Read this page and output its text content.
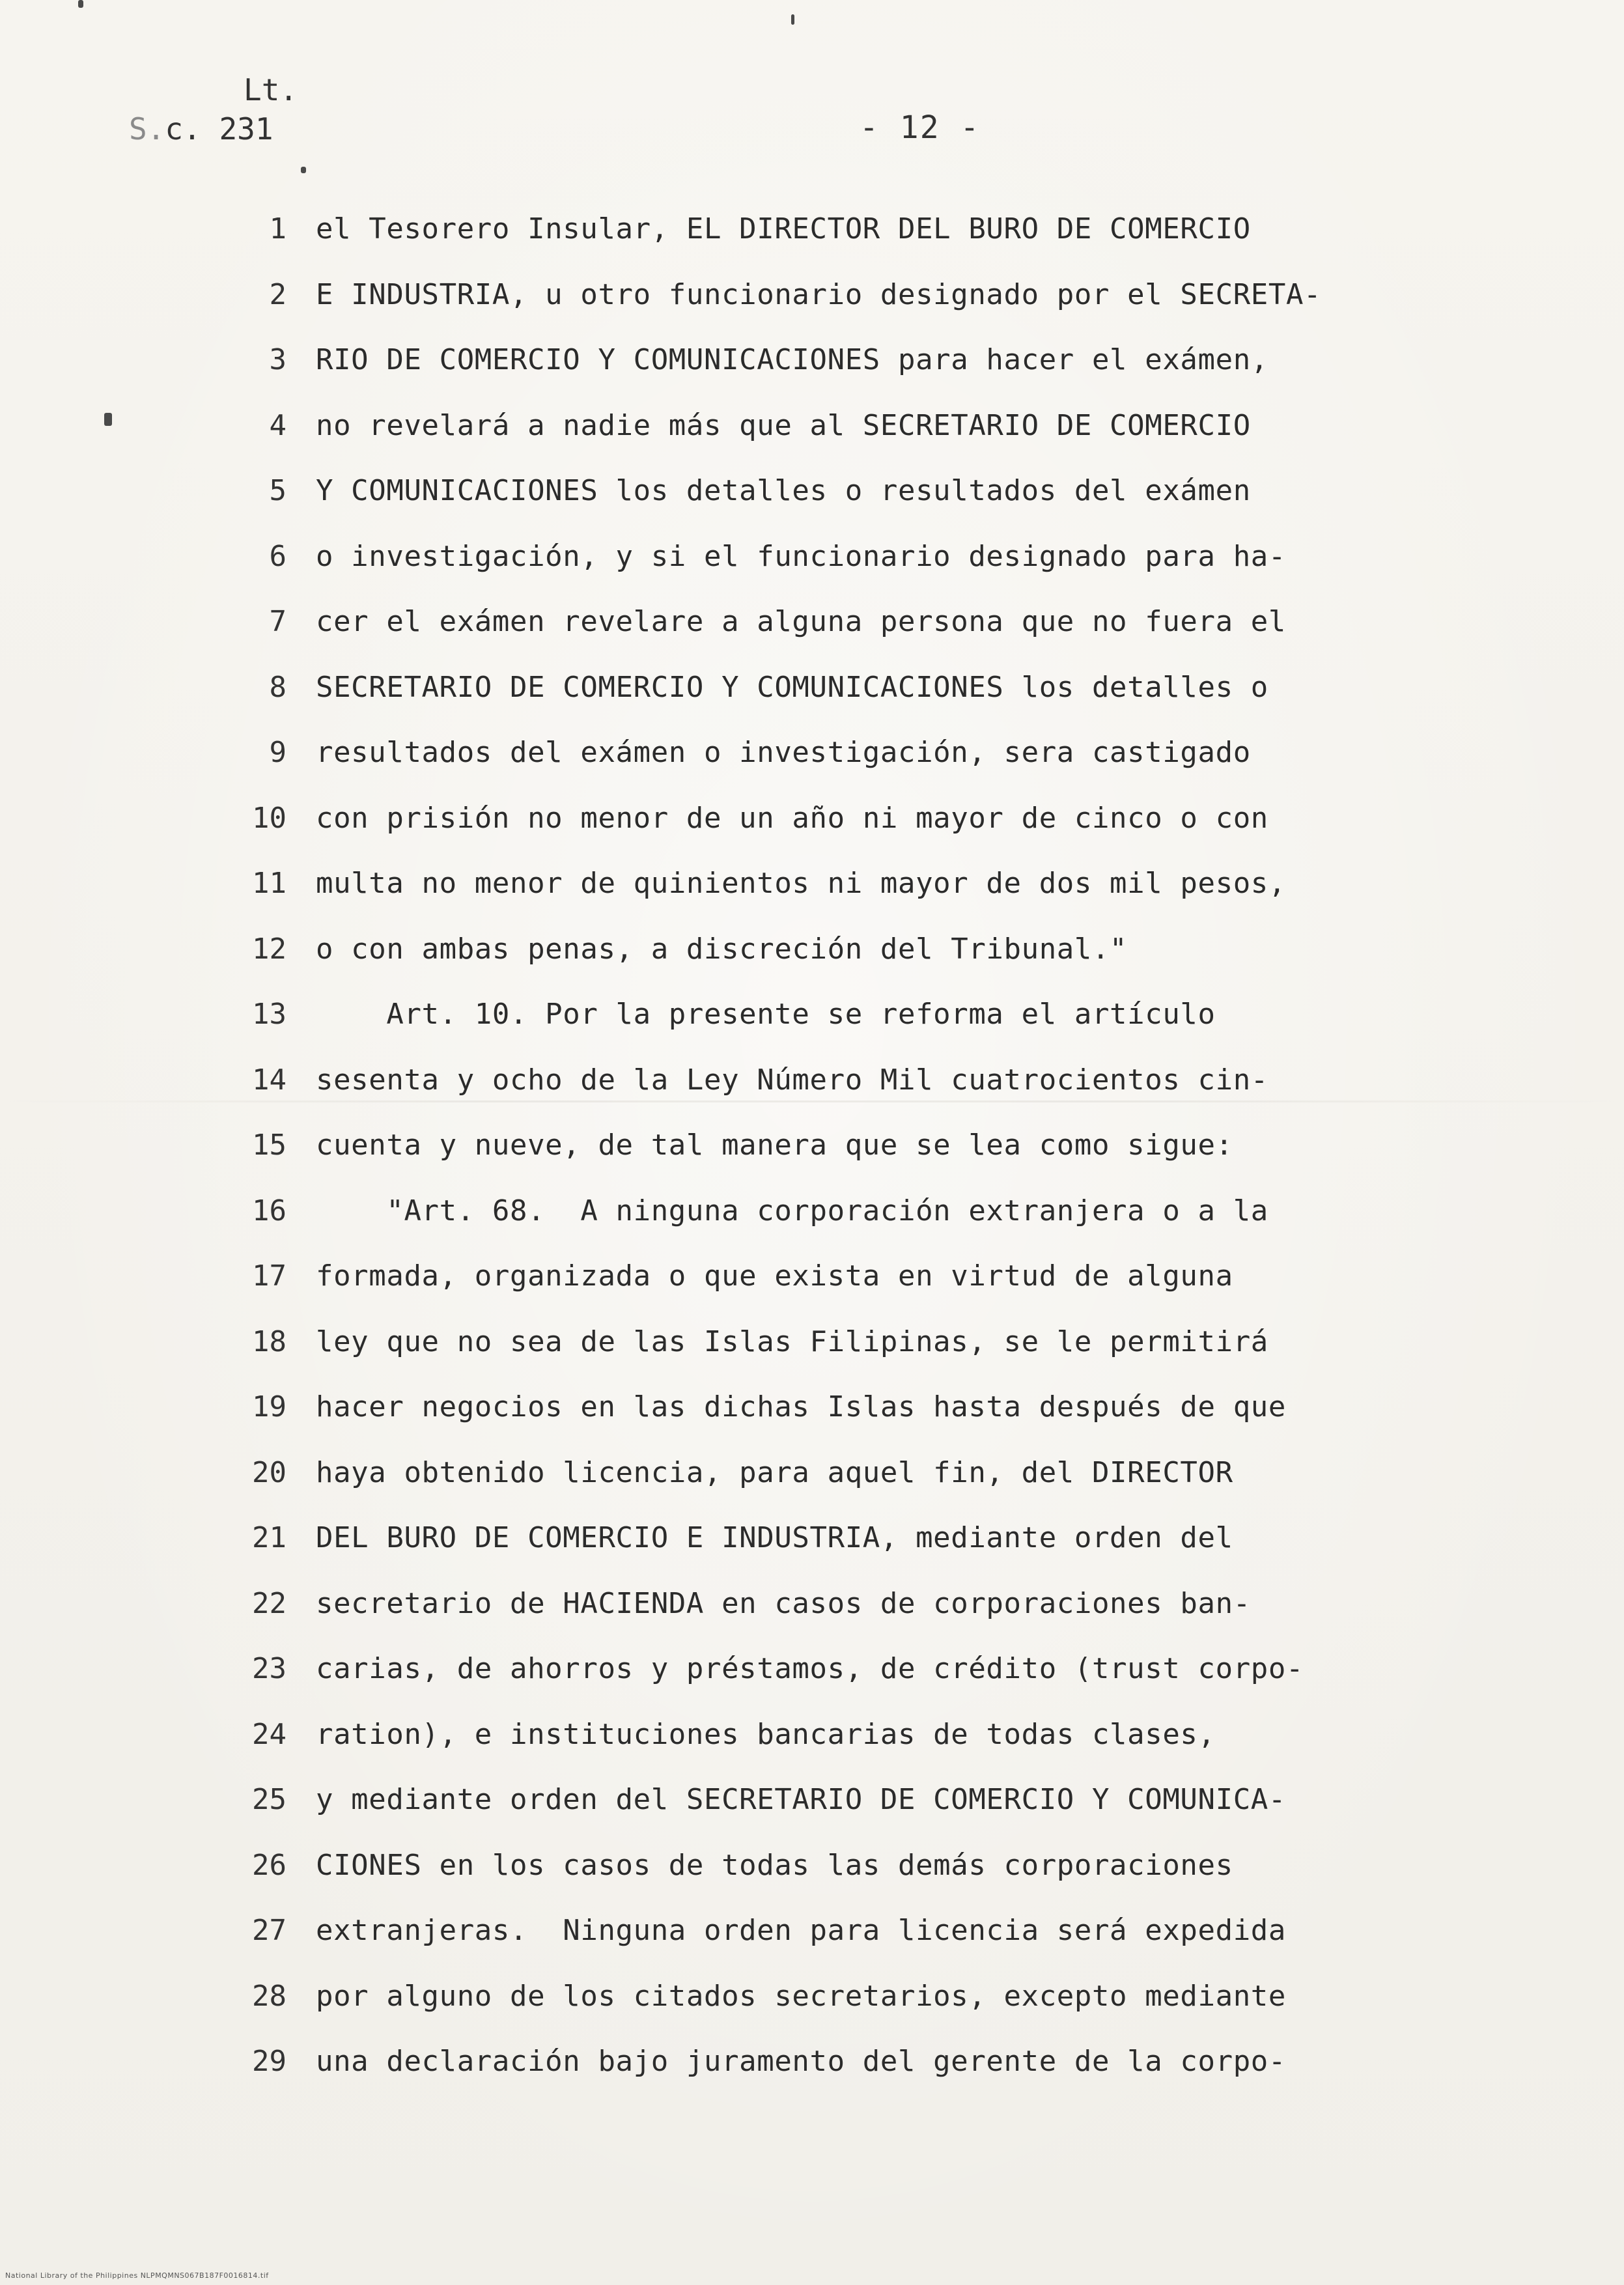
Lt.
S.c. 231	- 12 -
1 el Tesorero Insular, EL DIRECTOR DEL BURO DE COMERCIO
2 E INDUSTRIA, u otro funcionario designado por el SECRETA-
3 RIO DE COMERCIO Y COMUNICACIONES para hacer el exámen,
4 no revelará a nadie más que al SECRETARIO DE COMERCIO
5 Y COMUNICACIONES los detalles o resultados del exámen
6 o investigación, y si el funcionario designado para ha-
7 cer el exámen revelare a alguna persona que no fuera el
8 SECRETARIO DE COMERCIO Y COMUNICACIONES los detalles o
9 resultados del exámen o investigación, sera castigado
10 con prisión no menor de un año ni mayor de cinco o con
11 multa no menor de quinientos ni mayor de dos mil pesos,
12 o con ambas penas, a discreción del Tribunal."
13 Art. 10. Por la presente se reforma el artículo
14 sesenta y ocho de la Ley Número Mil cuatrocientos cin-
15 cuenta y nueve, de tal manera que se lea como sigue:
16 "Art. 68.  A ninguna corporación extranjera o a la
17 formada, organizada o que exista en virtud de alguna
18 ley que no sea de las Islas Filipinas, se le permitirá
19 hacer negocios en las dichas Islas hasta después de que
20 haya obtenido licencia, para aquel fin, del DIRECTOR
21 DEL BURO DE COMERCIO E INDUSTRIA, mediante orden del
22 secretario de HACIENDA en casos de corporaciones ban-
23 carias, de ahorros y préstamos, de crédito (trust corpo-
24 ration), e instituciones bancarias de todas clases,
25 y mediante orden del SECRETARIO DE COMERCIO Y COMUNICA-
26 CIONES en los casos de todas las demás corporaciones
27 extranjeras.  Ninguna orden para licencia será expedida
28 por alguno de los citados secretarios, excepto mediante
29 una declaración bajo juramento del gerente de la corpo-
National Library of the Philippines NLPMQMNS067B187F0016814.tif
